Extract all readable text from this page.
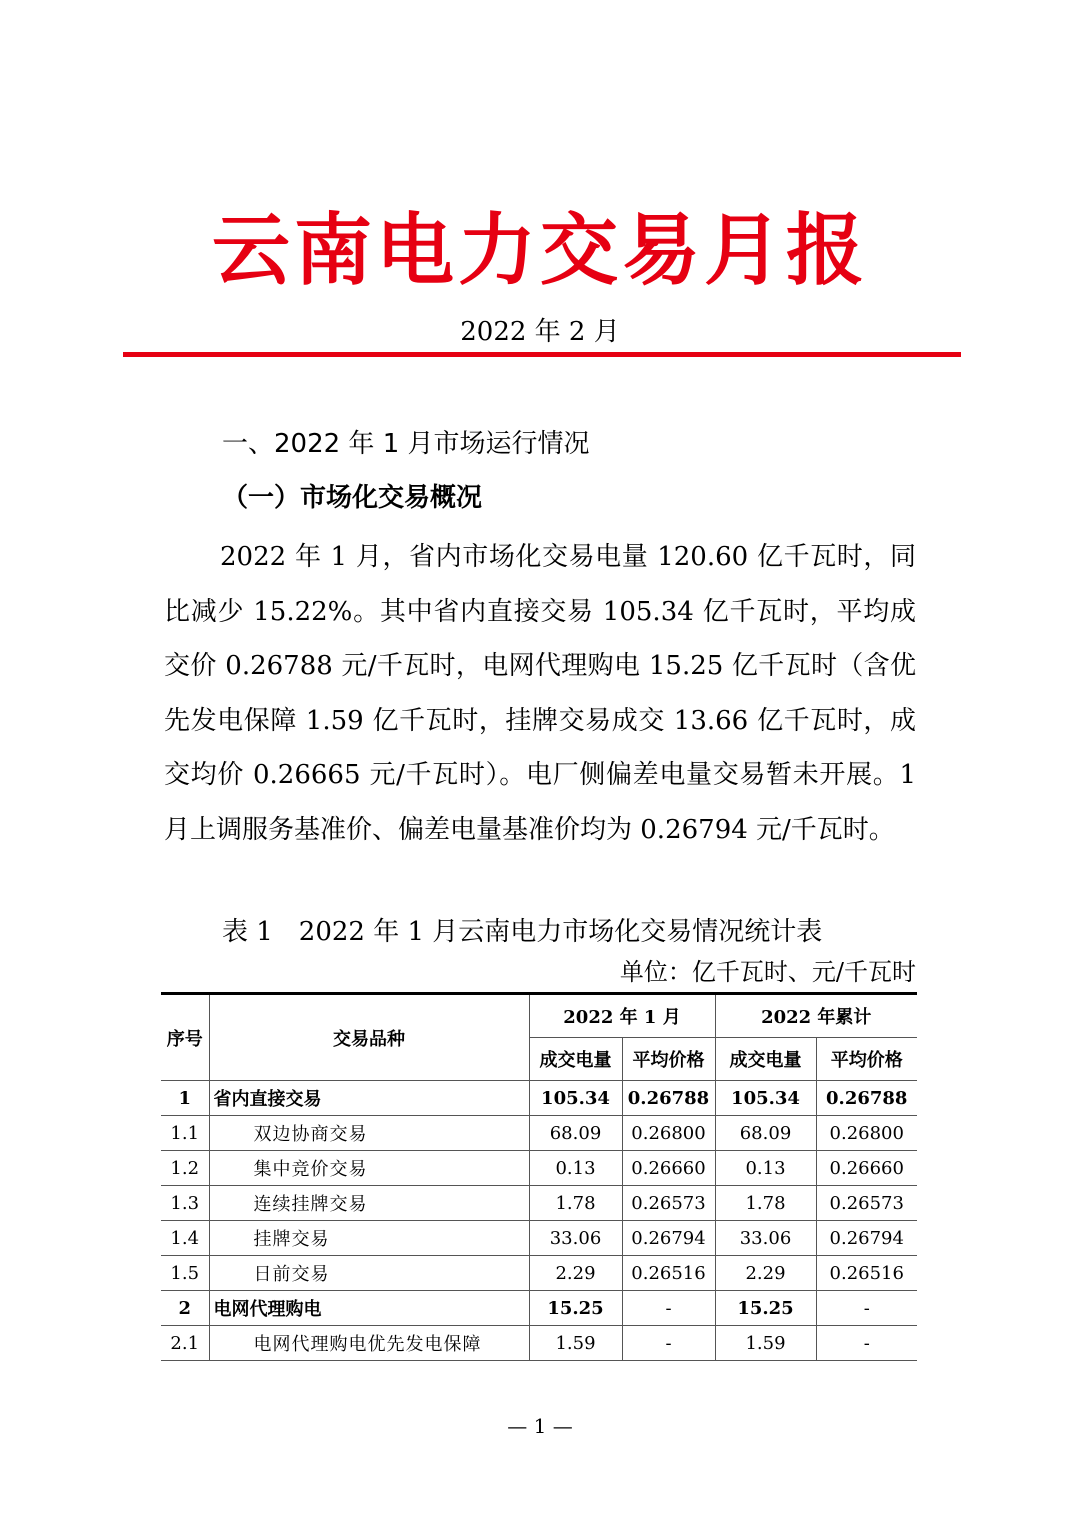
云南电力交易月报
2022 年 2 月
一、2022 年 1 月市场运行情况
（一）市场化交易概况
2022 年 1 月，省内市场化交易电量 120.60 亿千瓦时，同比减少 15.22%。其中省内直接交易 105.34 亿千瓦时，平均成交价 0.26788 元/千瓦时，电网代理购电 15.25 亿千瓦时（含优先发电保障 1.59 亿千瓦时，挂牌交易成交 13.66 亿千瓦时，成交均价 0.26665 元/千瓦时）。电厂侧偏差电量交易暂未开展。1 月上调服务基准价、偏差电量基准价均为 0.26794 元/千瓦时。
表 1　2022 年 1 月云南电力市场化交易情况统计表
单位：亿千瓦时、元/千瓦时
序号	交易品种	2022 年 1 月		2022 年累计	
		成交电量	平均价格	成交电量	平均价格
1	省内直接交易	105.34	0.26788	105.34	0.26788
1.1	双边协商交易	68.09	0.26800	68.09	0.26800
1.2	集中竞价交易	0.13	0.26660	0.13	0.26660
1.3	连续挂牌交易	1.78	0.26573	1.78	0.26573
1.4	挂牌交易	33.06	0.26794	33.06	0.26794
1.5	日前交易	2.29	0.26516	2.29	0.26516
2	电网代理购电	15.25	-	15.25	-
2.1	电网代理购电优先发电保障	1.59	-	1.59	-
— 1 —
